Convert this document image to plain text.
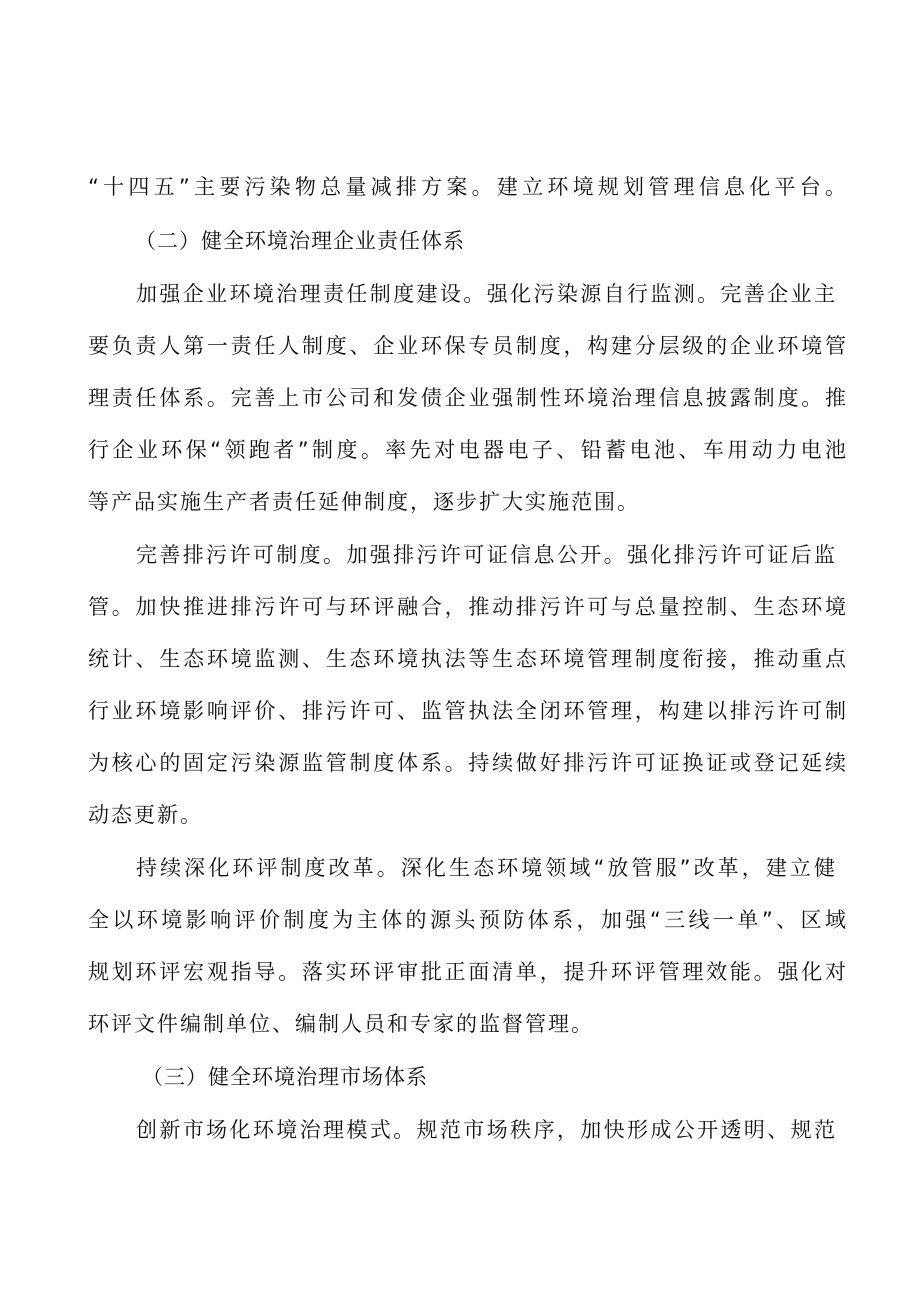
“十四五”主要污染物总量减排方案。建立环境规划管理信息化平台。
（二）健全环境治理企业责任体系
加强企业环境治理责任制度建设。强化污染源自行监测。完善企业主
要负责人第一责任人制度、企业环保专员制度，构建分层级的企业环境管
理责任体系。完善上市公司和发债企业强制性环境治理信息披露制度。推
行企业环保“领跑者”制度。率先对电器电子、铅蓄电池、车用动力电池
等产品实施生产者责任延伸制度，逐步扩大实施范围。
完善排污许可制度。加强排污许可证信息公开。强化排污许可证后监
管。加快推进排污许可与环评融合，推动排污许可与总量控制、生态环境
统计、生态环境监测、生态环境执法等生态环境管理制度衔接，推动重点
行业环境影响评价、排污许可、监管执法全闭环管理，构建以排污许可制
为核心的固定污染源监管制度体系。持续做好排污许可证换证或登记延续
动态更新。
持续深化环评制度改革。深化生态环境领域“放管服”改革，建立健
全以环境影响评价制度为主体的源头预防体系，加强“三线一单”、区域
规划环评宏观指导。落实环评审批正面清单，提升环评管理效能。强化对
环评文件编制单位、编制人员和专家的监督管理。
（三）健全环境治理市场体系
创新市场化环境治理模式。规范市场秩序，加快形成公开透明、规范
